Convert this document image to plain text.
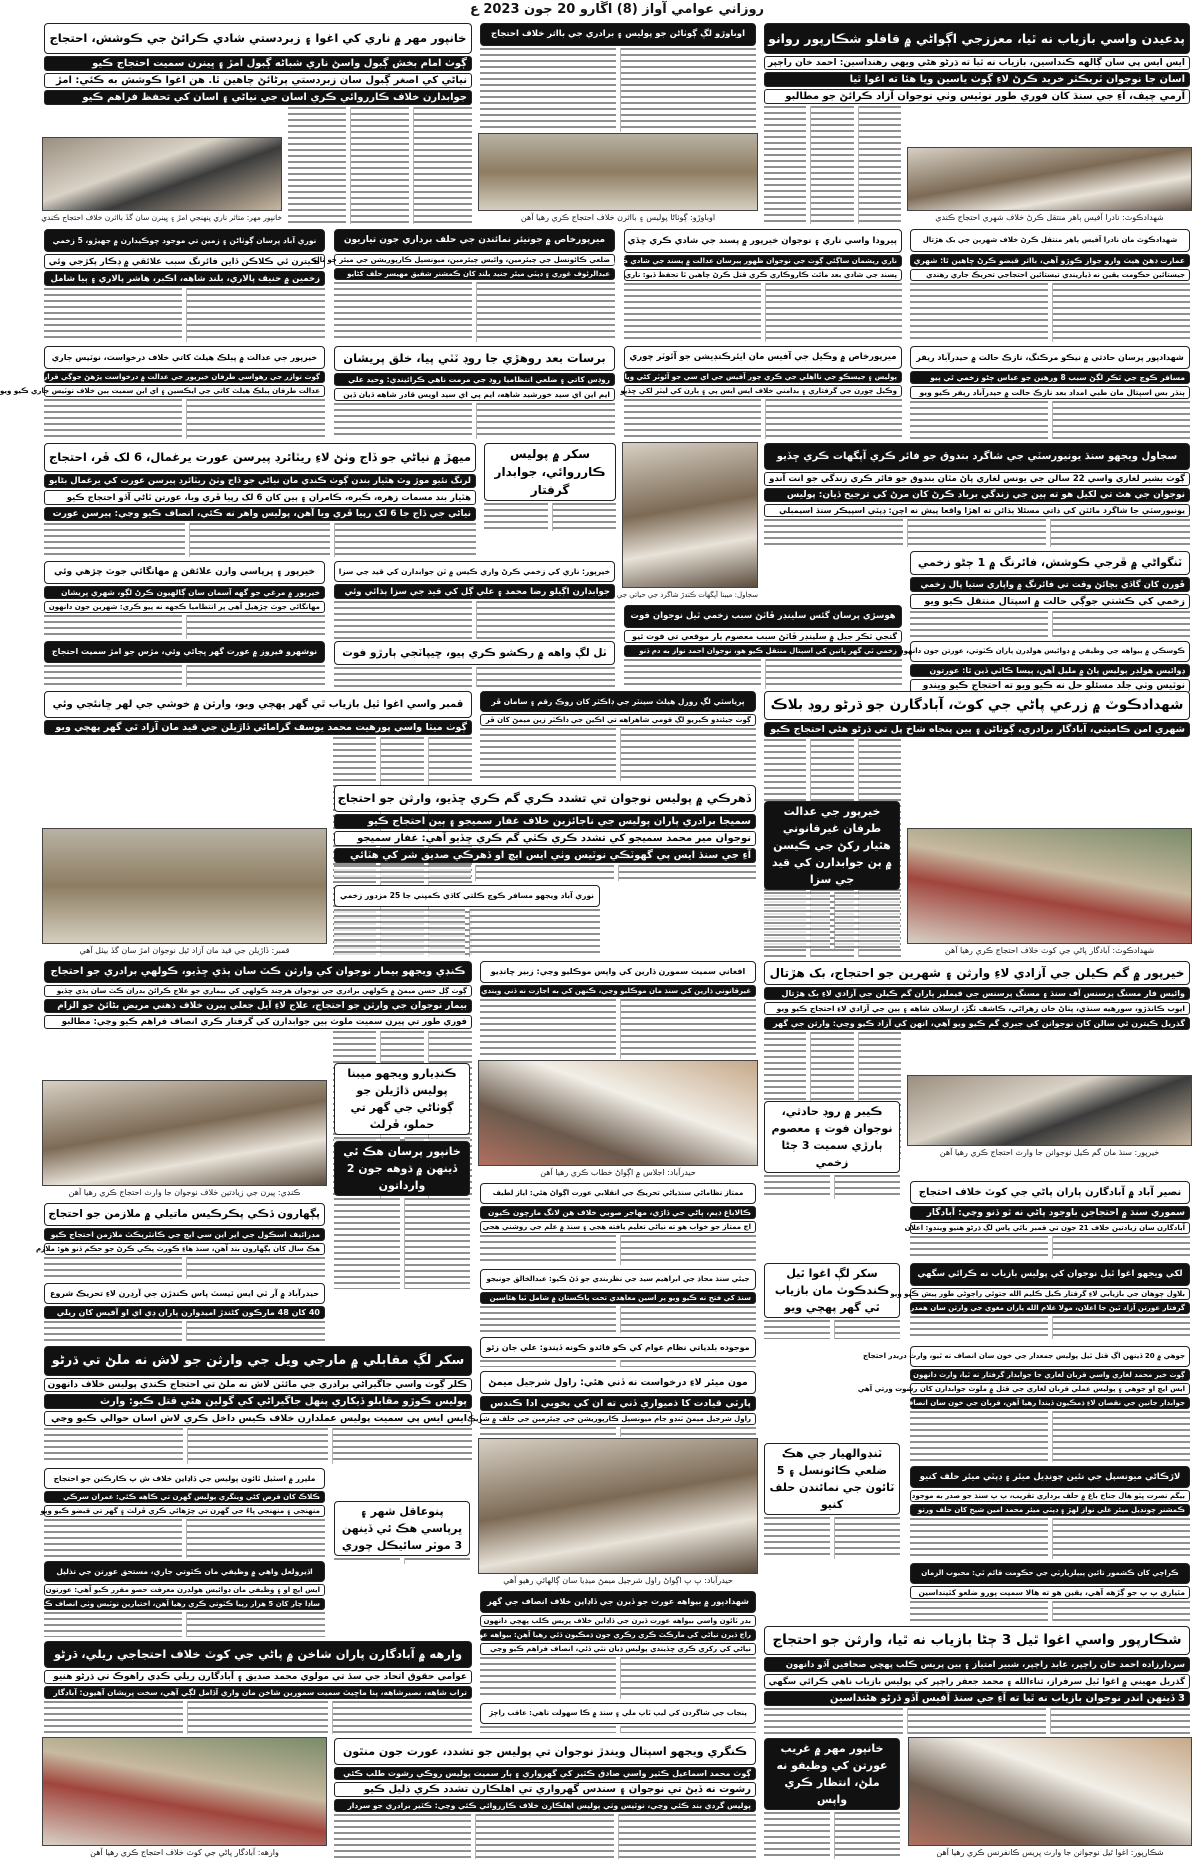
روزاني عوامي آواز (8) اڱارو 20 جون 2023 ع
خانپور مهر ۾ ناري کي اغوا ۽ زبردستي شادي ڪرائڻ جي ڪوشش، احتجاج
ڳوٺ امام بخش ڳبول واسڻ ناري شباڻه ڳبول امڙ ۽ ڀينرن سميت احتجاج ڪيو
نياڻي کي اصغر ڳبول سان زبردستي پرڻائڻ چاهين ٿا. هن اغوا ڪوشش به ڪئي: امڙ
جوابدارن خلاف ڪارروائي ڪري اسان جي نياڻي ۽ اسان کي تحفظ فراهم ڪيو
خانپور مهر: متاثر ناري پنهنجي امڙ ۽ ڀينرن سان گڏ بااثرن خلاف احتجاج ڪندي
اوباوڙو لڳ ڳوٺاڻن جو پوليس ۽ برادري جي بااثر خلاف احتجاج
اوباوڙو: ڳوٺاڻا پوليس ۽ بااثرن خلاف احتجاج ڪري رهيا آهن
پدعيدن واسي بازياب نه ٿيا، معززجي اڳواڻي ۾ قافلو شڪارپور روانو
ايس ايس پي سان ڳالهه ڪنداسين، بازياب نه ٿيا ته ڌرڻو هڻي ويهي رهنداسين: احمد خان راڄپر
اسان جا نوجوان ٽريڪٽر خريد ڪرڻ لاءِ ڳوٺ ياسين ويا هئا ته اغوا ٿيا
آرمي چيف، آءِ جي سنڌ کان فوري طور نوٽيس وٺي نوجوان آزاد ڪرائڻ جو مطالبو
شهدادڪوٽ: نادرا آفيس ٻاهر منتقل ڪرڻ خلاف شهري احتجاج ڪندي
نوري آباد پرسان ڳوٺاڻن ۽ زمين تي موجود چوڪيدارن ۾ جهيڙو، 5 زخمي
ڪيترن ئي ڪلاڪن ڏاين فائرنگ سبب علائقي ۾ ڊڪار پکڙجي وئي
زخمين ۾ حنيف پالاري، بلند شاهه، اڪبر، هاشر پالاري ۽ ٻيا شامل
ميرپورخاص ۾ جونيئر نمائندن جي حلف برداري جون تياريون
ضلعي ڪائونسل جي چيئرمين، وائيس چيئرمين، ميونسپل ڪارپوريشن جي ميئر جو نالو
عبدالرئوف غوري ۽ ڊپٽي ميئر جنيد بلند کان ڪمشنر شفيق مهيسر حلف کڻايو
پيرودا واسي ناري ۽ نوجوان خيرپور ۾ پسند جي شادي ڪري ڇڏي
ناري ريشمان ساڳئي ڳوٺ جي نوجوان ظهور پيرسان عدالت ۾ پسند جي شادي ڪئي
پسند جي شادي بعد مائٽ ڪاروڪاري ڪري قتل ڪرڻ چاهين ٿا تحفظ ڏيو: ناري
شهدادڪوٽ مان نادرا آفيس ٻاهر منتقل ڪرڻ خلاف شهرين جي بک هڙتال
عمارت ڊهڻ هيٺ وارو جواز ڪوڙو آهي، بااثر قبضو ڪرڻ چاهين ٿا: شهري
جيستائين حڪومت يقين نه ڏياريندي تيستائين احتجاجي تحريڪ جاري رهندي
خيرپور جي عدالت ۾ پبلڪ هيلٿ کاتي خلاف درخواست، نوٽيس جاري
ڳوٺ نوازر جي رهواسي طرفان خيرپور جي عدالت ۾ درخواست پڙهڻ جوڳي قرار ڏني وئي
عدالت طرفان پبلڪ هيلٿ کاتي جي ايڪسين ۽ اي اين سميت ٻين خلاف نوٽيس جاري ڪيو ويو
برسات بعد روهڙي جا روڊ ٽٽي پيا، خلق پريشان
روڊس کاتي ۽ ضلعي انتظاميا روڊ جي مرمت ناهي ڪرائيندي: وحيد علي
ايم اين اي سيد خورشيد شاهه، ايم پي اي سيد اويس قادر شاهه ڌيان ڏين
ميرپورخاص ۾ وڪيل جي آفيس مان ايئرڪنڊيشن جو آئوٽر چوري
پوليس ۽ جيسڪو جي نااهلي جي ڪري چور آفيس جي اي سي جو آئوٽر کڻي ويا
وڪيل چورن جي گرفتاري ۽ بدامني خلاف ايس ايس پي ۽ ٻارن کي ليٽر لکي ڇڏيو
شهدادپور پرسان حادثي ۾ نيڪو مرڪنگ، نازڪ حالت ۾ حيدرآباد ريفر
مسافر ڪوچ جي ٽڪر لڳڻ سبب 8 ورهين جو عباس ڄڻو زخمي ٿي پيو
ٻنڌر بس اسپتال مان طبي امداد بعد نازڪ حالت ۾ حيدرآباد ريفر ڪيو ويو
ميهڙ ۾ نياڻي جو ڏاج وٺڻ لاءِ ريٽائرڊ پيرسن عورت يرغمال، 6 لک ڦر، احتجاج
لرنگ نئيو موڙ وٽ هٿيار بندن ڳوٺ ڪندي مان نياڻي جو ڏاج وٺڻ ريٽائرڊ پيرسن عورت کي يرغمال بڻايو
هٿيار بند مسمات زهره، ڪبره، ڪامران ۽ ٻين کان 6 لک رپيا ڦري ويا، عورتن ٿاڻي آڏو احتجاج ڪيو
نياڻي جي ڏاج جا 6 لک رپيا ڦري ويا آهن، پوليس واهر نه ڪئي، انصاف ڪيو وڃي: پيرسن عورت
سکر ۾ پوليس ڪارروائي، جوابدار گرفتار
سجاول ويجهو سنڌ يونيورسٽي جي شاگرد بندوق جو فائر ڪري آپگهات ڪري ڇڏيو
ڳوٺ بشير لغاري واسي 22 سالن جي يونس لغاري پاڻ مٿان بندوق جو فائر ڪري زندگي جو انت آندو
نوجوان جي هٿ تي لکيل هو ته ٻين جي زندگي برباد ڪرڻ کان مرڻ کي ترجيح ڏيان: پوليس
يونيورسٽي جا شاگرد مائٽن کي ذاتي مسئلا ٻڌائن ته اهڙا واقعا پيش نه اچن: ڊپٽي اسپيڪر سنڌ اسيمبلي
ٽنگواڻي ۾ ڦرجي ڪوشش، فائرنگ ۾ 1 ڄڻو زخمي
ڦورن کان گاڏي بچائڻ وقت تي فائرنگ ۾ واپاري ستيا پال زخمي
زخمي کي ڪشتي جوڳي حالت ۾ اسپتال منتقل ڪيو ويو
خيرپور: ناري کي زخمي ڪرڻ واري ڪيس ۾ ٽن جوابدارن کي قيد جي سزا
جوابدارن اڳيلو رضا محمد ۽ علي ڳل کي قيد جي سزا ٻڌائي وئي
خيرپور ۽ ڀرپاسي وارن علائقن ۾ مهانگائي جوٽ چڙهي وئي
خيرپور ۾ مرغي جو گهه آسمان سان ڳالهيون ڪرڻ لڳو، شهري پريشان
مهانگائي جوٽ چڙهيل آهي پر انتظاميا ڪجهه نه پيو ڪري: شهرين جون دانهون
نوشهرو فيروز ۾ عورت گهر ڀڄائي وئي، مڙس جو امڙ سميت احتجاج	ٺل لڳ واهه ۾ رڪشو ڪري پيو، ڇيپاٽجي ٻارڙو فوت
هوسڙي پرسان گئس سلينڊر ڦاٽڻ سبب زخمي ٿيل نوجوان فوت
گنجي ٽڪر جبل ۾ سلينڊر ڦاٽڻ سبب معصوم ٻار موقعي تي فوت ٿيو
زخمي ٿي گهر ڀاتين کي اسپتال منتقل ڪيو هو، نوجوان احمد نواز به دم ڏنو ڪوسڪي ۾ بيواهه جي وظيفي ۾ ڊوائيس هولڊرن پاران ڪٽوتي، عورتن جون دانهون
ڊوائيس هولڊر پوليس پاڻ ۾ مليل آهن، پيسا ڪاٽي ڏين ٿا: عورتون
نوٽيس وٺي جلد مسئلو حل نه ڪيو ويو ته احتجاج ڪيو ويندو
قمبر واسي اغوا ٿيل بازياب ٿي گهر پهچي ويو، وارثن ۾ خوشي جي لهر ڇانئجي وئي
ڳوٺ ميٺا واسي پورهيت محمد يوسف گراماڻي ڏاڙيلن جي قيد مان آزاد ٿي گهر پهچي ويو
قمبر: ڏاڙيلن جي قيد مان آزاد ٿيل نوجوان امڙ سان گڏ بيٺل آهي
پرياسٽي لڳ رورل هيلٿ سينٽر جي ڊاڪٽر کان روڪ رقم ۽ سامان ڦر
ڳوٺ جيئندو ڪيريو لڳ قومي شاهراهه تي اڪين جي ڊاڪٽر زين ميمڻ کان ڦر
شهدادڪوٽ ۾ زرعي پاڻي جي کوٽ، آبادگارن جو ڌرڻو روڊ بلاڪ
شهري امن ڪاميٽي، آبادگار برادري، ڳوٺاڻن ۽ ٻين پنجاه شاخ پل تي ڌرڻو هڻي احتجاج ڪيو
شهدادڪوٽ: آبادگار پاڻي جي کوٽ خلاف احتجاج ڪري رهيا آهن
ڏهرڪي ۾ پوليس نوجوان تي تشدد ڪري گم ڪري ڇڏيو، وارثن جو احتجاج
سميجا برادري پاران پوليس جي ناجائزين خلاف غفار سميجو ۽ ٻين احتجاج ڪيو
نوجوان مير محمد سميجو کي تشدد ڪري ڪٿي گم ڪري ڇڏيو آهي: غفار سميجو
آءِ جي سنڌ ايس پي گهوٽڪي نوٽيس وٺي ايس ايڇ او ڏهرڪي صديق شر کي هٽائي
نوري آباد ويجهو مسافر ڪوچ ڪلتي کاڌي ڪمپني جا 25 مزدور زخمي
خيرپور جي عدالت طرفان غيرقانوني هٿيار رکڻ جي ڪيسن ۾ ٻن جوابدارن کي قيد جي سزا
ڪنڊي ويجهو بيمار نوجوان کي وارثن ڪٽ سان ٻڌي ڇڏيو، ڪولهي برادري جو احتجاج
ڳوٺ ڳل حسن ميمڻ ۾ ڪولهي برادري جي نوجوان هرچند ڪولهي کي بيماري جو علاج ڪرائڻ بدران ڪٽ سان ٻڌي ڇڏيو
بيمار نوجوان جي وارثن جو احتجاج، علاج لاءِ آيل جعلي پيرن خلاف ذهني مريض بڻائڻ جو الزام
فوري طور تي پيرن سميت ملوث ٻين جوابدارن کي گرفتار ڪري انصاف فراهم ڪيو وڃي: مطالبو
ڪنڊي: پيرن جي زيادتين خلاف نوجوان جا وارث احتجاج ڪري رهيا آهن
ڪنڊيارو ويجهو ميبنا پوليس ڌاڙيلن جو ڳوٺاڻي جي گهر تي حملو، ڦرلٽ
افغاني سميت سمورن ڌارين کي واپس موڪليو وڃي: زبير چانڊيو
غيرقانوني ڌارين کي سنڌ مان موڪليو وڃي، ڪنهن کي به اجازت نه ڏني ويندي
حيدرآباد: اجلاس ۾ اڳواڻ خطاب ڪري رهيا آهن
خيرپور ۾ گم ڪيلن جي آزادي لاءِ وارثن ۽ شهرين جو احتجاج، بک هڙتال
وائيس فار مسنگ پرسنس آف سنڌ ۽ مسنگ پرسنس جي فيمليز پاران گم ڪيلن جي آزادي لاءِ بک هڙتال
ايوب ڪانڌڙو، سورهيه سنڌي، پٺاڻ خان زهراڻي، ڪاشف ٽگڙ، ارسلان شاهه ۽ ٻين جي آزادي لاءِ احتجاج ڪيو ويو
گذريل ڪيترن ئي سالن کان نوجوانن کي جبري گم ڪيو ويو آهي، انهن کي آزاد ڪيو وڃي: وارثن جي گهر
خيرپور: سنڌ مان گم ڪيل نوجوانن جا وارث احتجاج ڪري رهيا آهن
ڪيبر ۾ روڊ حادثي، نوجوان فوت ۽ معصوم ٻارڙي سميت 3 ڄڻا زخمي
پڳهارون ڏڪي پڪرڪيس ماتيلي ۾ ملازمن جو احتجاج
مدرائيف اسڪول جي اير اين سي ايڇ جي ڪانٽريڪٽ ملازمن احتجاج ڪيو
هڪ سال کان پڳهارون بند آهن، سنڌ هاءِ ڪورٽ پڪي ڪرڻ جو حڪم ڏنو هو: ملازم
خانپور پرسان هڪ ئي ڏينهن ۾ ڌوهه جون 2 وارداتون
حيدرآباد ۾ آر ٽي ايس ٽيسٽ پاس ڪندڙن جي آرڊرن لاءِ تحريڪ شروع
40 کان 48 مارڪون کڻندڙ اميدوارن پاران ڊي اي او آفيس کان ريلي
ممتاز نظاماڻي سنڌياڻي تحريڪ جي انقلابي عورت اڳواڻ هئي: اياز لطيف
ڪالاباغ ڊيم، پاڻي جي ڏاڙي، مهاجر صوبي خلاف هن لانگ مارچون ڪيون
اڄ ممتاز جو خواب هو ته نياڻي تعليم يافته هجي ۽ سنڌ ۾ علم جي روشني هجي
جيئي سنڌ محاذ جي ابراهيم سيد جي نظربندي جو ڏڻ ڪيو: عبدالخالق جونيجو
سنڌ کي فتح نه ڪيو ويو پر اسين معاهدي تحت پاڪستان ۾ شامل ٿيا هئاسين
سکر لڳ اغوا ٿيل ڪندڪوٽ مان بازياب ٿي گهر پهچي ويو
نصير آباد ۾ آبادگارن پاران پاڻي جي کوٽ خلاف احتجاج
سموري سنڌ ۾ احتجاجن باوجود پاڻي نه ٿو ڏنو وڃي: آبادگار
آبادگارن سان زيادتين خلاف 21 جون تي قمبر بائي پاس لڳ ڌرڻو هنيو ويندو: اعلان
لکي ويجهو اغوا ٿيل نوجوان کي پوليس بازياب نه ڪرائي سگهي
بلاول چوهان جي بازيابي لاءِ گرفتار ڪيل ڪليم الله جتوئي راڄوڻي طور پيش ڪيو ويو
گرفتار عورتن آزاد ٿيڻ جا اعلان، مولا غلام الله پاران مغوي جي وارثن سان همدردي
سکر لڳ مقابلي ۾ مارجي ويل جي وارثن جو لاش نه ملڻ تي ڌرڻو
ڪلر ڳوٺ واسي جاگيراڻي برادري جي مائٽن لاش نه ملڻ تي احتجاج ڪندي پوليس خلاف دانهون
پوليس ڪوڙو مقابلو ڏيکاري پنهل جاگيراڻي کي گولين هڻي قتل ڪيو: وارث
ايس ايس پي سميت پوليس عملدارن خلاف ڪيس داخل ڪري لاش اسان حوالي ڪيو وڃي
موجوده بلدياتي نظام عوام کي ڪو فائدو ڪونه ڏيندو: علي جان زئو
مون ميئر لاءِ درخواست نه ڏني هئي: راول شرجيل ميمڻ
پارٽي قيادت کا ذميواري ڏني ته ان کي بخوبي ادا ڪندس
راول شرجيل ميمڻ ٽنڊو جام ميونسپل ڪارپوريشن جي چيئرمين جي حلف ۾ شريڪ
حيدرآباد: پ پ اڳواڻ راول شرجيل ميمڻ ميڊيا سان ڳالهائي رهيو آهي
جوهي ۾ 20 ڏينهن اڳ قتل ٿيل پوليس جمعدار جي خون سان انصاف نه ٿيو، وارث دربدر احتجاج
ڳوٺ خير محمد لغاري واسي قربان لغاري جا جوابدار گرفتار نه ٿيا، وارث دانهون ڪندي پريس ڪلب پهتا
ايس ايڇ او جوهي ۽ پوليس عملي قربان لغاري جي قتل ۾ ملوث جوابدارن کان رشوت ورتي آهي
جوابدار جانين جي نقصان لاءِ ڌمڪيون ڏيندا رهيا آهن، قربان جي خون سان انصاف ڪيو وڃي: پريس ڪانفرنس
مليرر ۾ اسٽيل ٽائون پوليس جي ڏاڍاين خلاف ش پ ڪارڪنن جو احتجاج
ڪلاڪ کان قرض کڻي وينگري پوليس گهرن تي ڪاهه ڪئي: عمران سرڪي
منهنجي ۽ منهنجي ڀاءُ جي گهرن تي چڙهائي ڪري ڦرلٽ ۽ گهر تي قبضو ڪيو ويو	پنوعاقل شهر ۽ ڀرپاسي هڪ ئي ڏينهن 3 موٽر سائيڪل چوري
ٽنڊوالهيار جي هڪ ضلعي ڪائونسل ۽ 5 ٽائون جي نمائندن حلف کنيو
لاڙڪاڻي ميونسپل جي نئين چونڊيل ميئر ۽ ڊپٽي ميئر حلف کنيو
بيگم نصرت ڀٽو هال جناح باغ ۾ حلف برداري تقريب، پ پ سنڌ جو صدر به موجود
ڪمشنر چونڊيل ميئر علي نواز لهڙ ۽ ڊپٽي ميئر محمد امين شيخ کان حلف ورتو
اڏيرولعل واهي ۾ وظيفي مان ڪٽوتي جاري، مستحق عورتن جي تذليل
ايس ايڇ او ۽ وظيفي مان ڊوائيس هولڊرن معرفت حصو مقرر ڪيو آهي: عورتون
ساڍا چار کان 5 هزار رپيا ڪٽوتي ڪري رهيا آهن، اختيارين نوٽيس وٺي انصاف ڪن
ڪراچي کان ڪشمور تائين پيپلزپارٽي جي حڪومت قائم ٿي: محبوب الزمان
مٽياري پ پ جو ڳڙهه آهي، يقين هو ته هالا سميت پورو ضلعو کٽينداسين
وارهه ۾ آبادگارن پاران شاخن ۾ پاڻي جي کوٽ خلاف احتجاجي ريلي، ڌرڻو
عوامي حقوق اتحاد جي سڏ تي مولوي محمد صديق ۽ آبادگارن ريلي ڪڍي راهوڪ تي ڌرڻو هنيو
تراب شاهه، نصيرشاهه، پنا ماڇيٽ سميت سمورين شاخن مان واري آڏامل لڳي آهي، سخت پريشان آهيون: آبادگار
شهدادپور ۾ بيواهه عورت جو ڏيرن جي ڏاڍاين خلاف انصاف جي گهر
بدر ٽائون واسي بيواهه عورت ڏيرن جي ڏاڍاين خلاف پريس ڪلب پهچي دانهون
راڄ ڏيرن نياڻي کي مارڪٽ ڪري رڪري جون ڌمڪيون ڏئي رهيا آهن: بيواهه عورت
نياڻي کي رکري ڪري ڇڏيندي پوليس ڌيان نٿي ڏئي، انصاف فراهم ڪيو وڃي
شڪارپور واسي اغوا ٿيل 3 ڄڻا بازياب نه ٿيا، وارثن جو احتجاج
سردارزاده احمد خان راڄپر، عابد راڄپر، شبير امتياز ۽ ٻين پريس ڪلب پهچي صحافين آڏو دانهون
گذريل مهيني ۾ اغوا ٿيل سرفراز، ثناءالله ۽ محمد جعفر راڄپر کي پوليس بازياب ناهي ڪرائي سگهي
3 ڏينهن اندر نوجوان بازياب نه ٿيا ته آءِ جي سنڌ آفيس آڏو ڌرڻو هڻنداسين
پنجاب جي شاگردن کي ليپ ٽاپ ملي ۽ سنڌ ۾ ڪا سهولت ناهي: عاقب راڄڙ
ڪنگري ويجهو اسپتال ويندڙ نوجوان تي پوليس جو تشدد، عورت جون منٿون
ڳوٺ محمد اسماعيل ڪٽير واسي صادق ڪٽير کي گهرواري ۽ ٻار سميت پوليس روڪي رشوت طلب ڪئي
رشوت نه ڏيڻ تي نوجوان ۽ سندس گهرواري تي اهلڪارن تشدد ڪري ذليل ڪيو
پوليس گردي بند ڪئي وڃي، نوٽيس وٺي پوليس اهلڪارن خلاف ڪارروائي ڪئي وڃي: ڪٽير برادري جو سردار
خانپور مهر ۾ غريب عورتن کي وظيفو نه ملڻ، انتظار ڪري واپس
سجاول: ميبنا آپگهات ڪندڙ شاگرد جي حياتي جي تصوير
وارهه: آبادگار پاڻي جي کوٽ خلاف احتجاج ڪري رهيا آهن	شڪارپور: اغوا ٿيل نوجوانن جا وارث پريس ڪانفرنس ڪري رهيا آهن
